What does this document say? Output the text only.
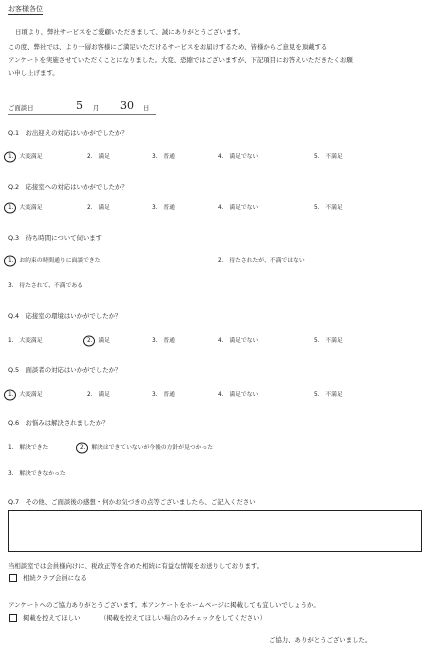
お客様各位
日頃より、弊社サービスをご愛顧いただきまして、誠にありがとうございます。
この度、弊社では、より一層お客様にご満足いただけるサービスをお届けするため、皆様からご意見を頂戴する
アンケートを実施させていただくことになりました。大変、恐縮ではございますが、下記項目にお答えいただきたくお願
い申し上げます。
ご面談日	5 月 30 日
Q.1　お出迎えの対応はいかがでしたか？
1.　大変満足	2.　満足	3.　普通	4.　満足でない	5.　不満足
Q.2　応接室への対応はいかがでしたか？
1.　大変満足	2.　満足	3.　普通	4.　満足でない	5.　不満足
Q.3　待ち時間について伺います
1.　お約束の時間通りに面談できた	2.　待たされたが、不満ではない
3.　待たされて、不満である
Q.4　応接室の環境はいかがでしたか？
1.　大変満足	2.　満足	3.　普通	4.　満足でない	5.　不満足
Q.5　面談者の対応はいかがでしたか？
1.　大変満足	2.　満足	3.　普通	4.　満足でない	5.　不満足
Q.6　お悩みは解決されましたか？
1.　解決できた	2.　解決はできていないが今後の方針が見つかった
3.　解決できなかった
Q.7　その他、ご面談後の感想・何かお気づきの点等ございましたら、ご記入ください
当相談室では会員様向けに、税改正等を含めた相続に有益な情報をお送りしております。
相続クラブ会員になる
アンケートへのご協力ありがとうございます。本アンケートをホームページに掲載しても宜しいでしょうか。
掲載を控えてほしい	（掲載を控えてほしい場合のみチェックをしてください）
ご協力、ありがとうございました。
